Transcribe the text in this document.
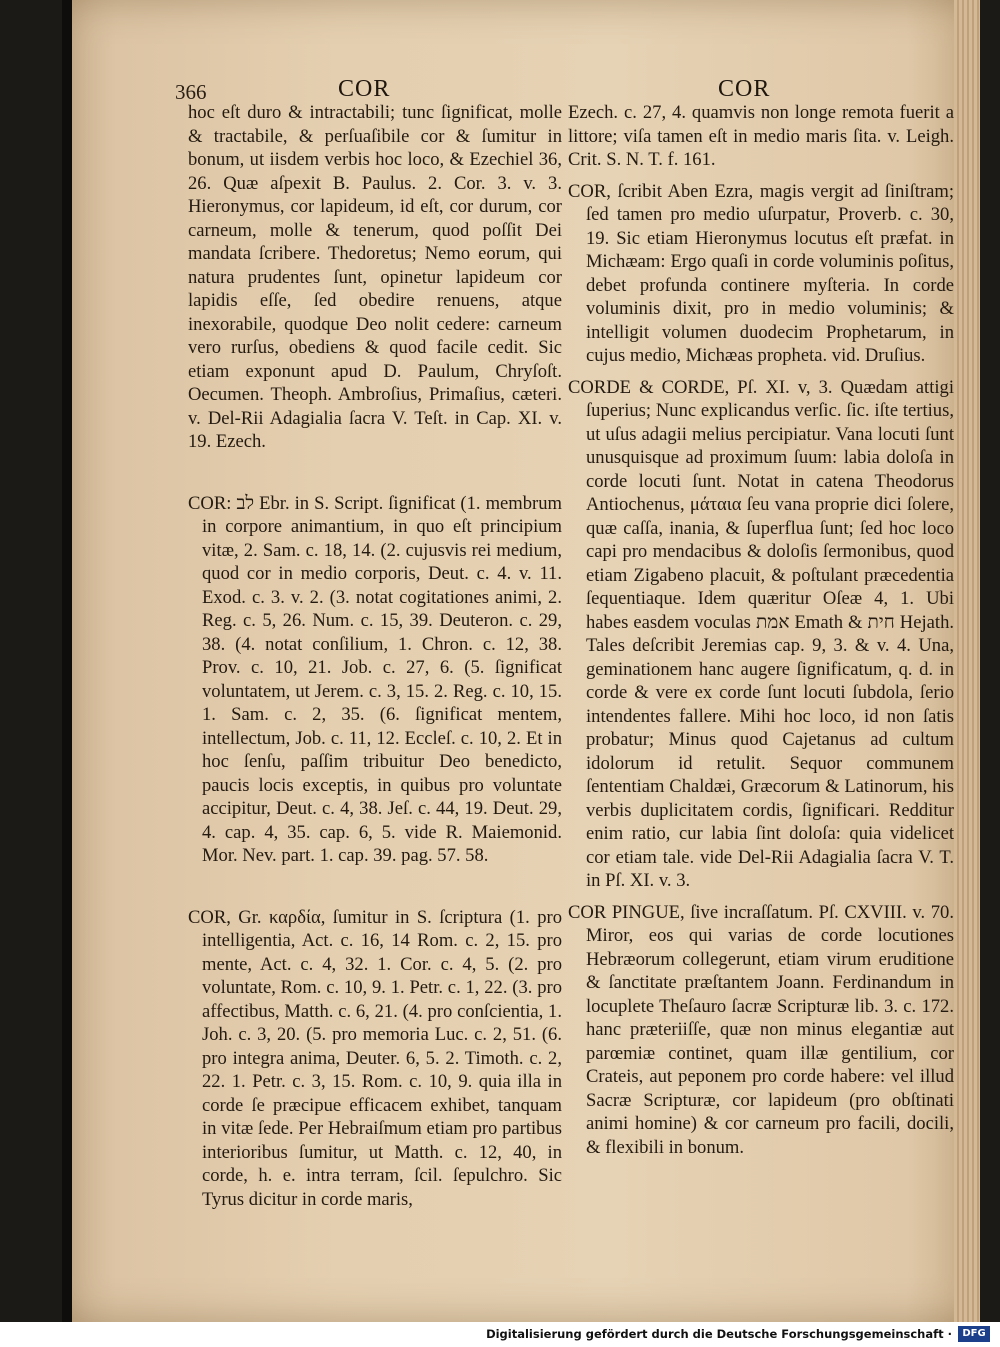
366	COR	COR

hoc eſt duro & intractabili; tunc ſignificat, molle & tractabile, & perſuaſibile cor & ſumitur in bonum, ut iisdem verbis hoc loco, & Ezechiel 36, 26. Quæ aſpexit B. Paulus. 2. Cor. 3. v. 3. Hieronymus, cor lapideum, id eſt, cor durum, cor carneum, molle & tenerum, quod poſſit Dei mandata ſcribere. Thedoretus; Nemo eorum, qui natura prudentes ſunt, opinetur lapideum cor lapidis eſſe, ſed obedire renuens, atque inexorabile, quodque Deo nolit cedere: carneum vero rurſus, obediens & quod facile cedit. Sic etiam exponunt apud D. Paulum, Chryſoſt. Oecumen. Theoph. Ambroſius, Primaſius, cæteri. v. Del-Rii Adagialia ſacra V. Teſt. in Cap. XI. v. 19. Ezech.

COR: לב Ebr. in S. Script. ſignificat (1. membrum in corpore animantium, in quo eſt principium vitæ, 2. Sam. c. 18, 14. (2. cujusvis rei medium, quod cor in medio corporis, Deut. c. 4. v. 11. Exod. c. 3. v. 2. (3. notat cogitationes animi, 2. Reg. c. 5, 26. Num. c. 15, 39. Deuteron. c. 29, 38. (4. notat conſilium, 1. Chron. c. 12, 38. Prov. c. 10, 21. Job. c. 27, 6. (5. ſignificat voluntatem, ut Jerem. c. 3, 15. 2. Reg. c. 10, 15. 1. Sam. c. 2, 35. (6. ſignificat mentem, intellectum, Job. c. 11, 12. Eccleſ. c. 10, 2. Et in hoc ſenſu, paſſim tribuitur Deo benedicto, paucis locis exceptis, in quibus pro voluntate accipitur, Deut. c. 4, 38. Jeſ. c. 44, 19. Deut. 29, 4. cap. 4, 35. cap. 6, 5. vide R. Maiemonid. Mor. Nev. part. 1. cap. 39. pag. 57. 58.

COR, Gr. καρδία, ſumitur in S. ſcriptura (1. pro intelligentia, Act. c. 16, 14 Rom. c. 2, 15. pro mente, Act. c. 4, 32. 1. Cor. c. 4, 5. (2. pro voluntate, Rom. c. 10, 9. 1. Petr. c. 1, 22. (3. pro affectibus, Matth. c. 6, 21. (4. pro conſcientia, 1. Joh. c. 3, 20. (5. pro memoria Luc. c. 2, 51. (6. pro integra anima, Deuter. 6, 5. 2. Timoth. c. 2, 22. 1. Petr. c. 3, 15. Rom. c. 10, 9. quia illa in corde ſe præcipue efficacem exhibet, tanquam in vitæ ſede. Per Hebraiſmum etiam pro partibus interioribus ſumitur, ut Matth. c. 12, 40, in corde, h. e. intra terram, ſcil. ſepulchro. Sic Tyrus dicitur in corde maris,

Ezech. c. 27, 4. quamvis non longe remota fuerit a littore; viſa tamen eſt in medio maris ſita. v. Leigh. Crit. S. N. T. f. 161.

COR, ſcribit Aben Ezra, magis vergit ad ſiniſtram; ſed tamen pro medio uſurpatur, Proverb. c. 30, 19. Sic etiam Hieronymus locutus eſt præfat. in Michæam: Ergo quaſi in corde voluminis poſitus, debet profunda continere myſteria. In corde voluminis dixit, pro in medio voluminis; & intelligit volumen duodecim Prophetarum, in cujus medio, Michæas propheta. vid. Druſius.

CORDE & CORDE, Pſ. XI. v, 3. Quædam attigi ſuperius; Nunc explicandus verſic. ſic. iſte tertius, ut uſus adagii melius percipiatur. Vana locuti ſunt unusquisque ad proximum ſuum: labia doloſa in corde locuti ſunt. Notat in catena Theodorus Antiochenus, μάταια ſeu vana proprie dici ſolere, quæ caſſa, inania, & ſuperflua ſunt; ſed hoc loco capi pro mendacibus & doloſis ſermonibus, quod etiam Zigabeno placuit, & poſtulant præcedentia ſequentiaque. Idem quæritur Oſeæ 4, 1. Ubi habes easdem voculas אמת Emath & חית Hejath. Tales deſcribit Jeremias cap. 9, 3. & v. 4. Una, geminationem hanc augere ſignificatum, q. d. in corde & vere ex corde ſunt locuti ſubdola, ſerio intendentes fallere. Mihi hoc loco, id non ſatis probatur; Minus quod Cajetanus ad cultum idolorum id retulit. Sequor communem ſententiam Chaldæi, Græcorum & Latinorum, his verbis duplicitatem cordis, ſignificari. Redditur enim ratio, cur labia ſint doloſa: quia videlicet cor etiam tale. vide Del-Rii Adagialia ſacra V. T. in Pſ. XI. v. 3.

COR PINGUE, ſive incraſſatum. Pſ. CXVIII. v. 70. Miror, eos qui varias de corde locutiones Hebræorum collegerunt, etiam virum eruditione & ſanctitate præſtantem Joann. Ferdinandum in locuplete Theſauro ſacræ Scripturæ lib. 3. c. 172. hanc præteriiſſe, quæ non minus elegantiæ aut parœmiæ continet, quam illæ gentilium, cor Crateis, aut peponem pro corde habere: vel illud Sacræ Scripturæ, cor lapideum (pro obſtinati animi homine) & cor carneum pro facili, docili, & flexibili in bonum.

Digitalisierung gefördert durch die Deutsche Forschungsgemeinschaft ·	DFG
